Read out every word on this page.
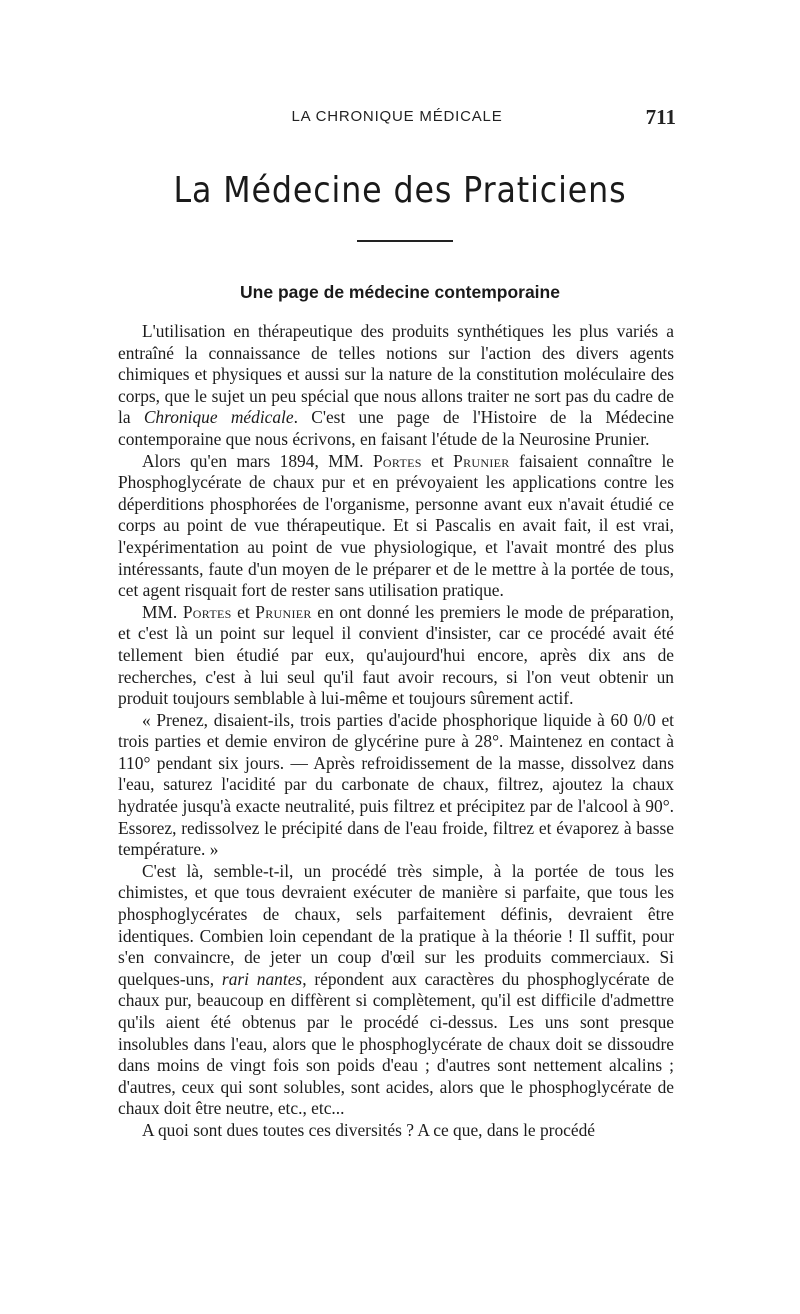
LA CHRONIQUE MÉDICALE	711
La Médecine des Praticiens
Une page de médecine contemporaine

L'utilisation en thérapeutique des produits synthétiques les plus variés a entraîné la connaissance de telles notions sur l'action des divers agents chimiques et physiques et aussi sur la nature de la constitution moléculaire des corps, que le sujet un peu spécial que nous allons traiter ne sort pas du cadre de la Chronique médicale. C'est une page de l'Histoire de la Médecine contemporaine que nous écrivons, en faisant l'étude de la Neurosine Prunier.

Alors qu'en mars 1894, MM. Portes et Prunier faisaient connaître le Phosphoglycérate de chaux pur et en prévoyaient les applications contre les déperditions phosphorées de l'organisme, personne avant eux n'avait étudié ce corps au point de vue thérapeutique. Et si Pascalis en avait fait, il est vrai, l'expérimentation au point de vue physiologique, et l'avait montré des plus intéressants, faute d'un moyen de le préparer et de le mettre à la portée de tous, cet agent risquait fort de rester sans utilisation pratique.

MM. Portes et Prunier en ont donné les premiers le mode de préparation, et c'est là un point sur lequel il convient d'insister, car ce procédé avait été tellement bien étudié par eux, qu'aujourd'hui encore, après dix ans de recherches, c'est à lui seul qu'il faut avoir recours, si l'on veut obtenir un produit toujours semblable à lui-même et toujours sûrement actif.

« Prenez, disaient-ils, trois parties d'acide phosphorique liquide à 60 0/0 et trois parties et demie environ de glycérine pure à 28°. Maintenez en contact à 110° pendant six jours. — Après refroidissement de la masse, dissolvez dans l'eau, saturez l'acidité par du carbonate de chaux, filtrez, ajoutez la chaux hydratée jusqu'à exacte neutralité, puis filtrez et précipitez par de l'alcool à 90°. Essorez, redissolvez le précipité dans de l'eau froide, filtrez et évaporez à basse température. »

C'est là, semble-t-il, un procédé très simple, à la portée de tous les chimistes, et que tous devraient exécuter de manière si parfaite, que tous les phosphoglycérates de chaux, sels parfaitement définis, devraient être identiques. Combien loin cependant de la pratique à la théorie ! Il suffit, pour s'en convaincre, de jeter un coup d'œil sur les produits commerciaux. Si quelques-uns, rari nantes, répondent aux caractères du phosphoglycérate de chaux pur, beaucoup en diffèrent si complètement, qu'il est difficile d'admettre qu'ils aient été obtenus par le procédé ci-dessus. Les uns sont presque insolubles dans l'eau, alors que le phosphoglycérate de chaux doit se dissoudre dans moins de vingt fois son poids d'eau ; d'autres sont nettement alcalins ; d'autres, ceux qui sont solubles, sont acides, alors que le phosphoglycérate de chaux doit être neutre, etc., etc...

A quoi sont dues toutes ces diversités ? A ce que, dans le procédé
